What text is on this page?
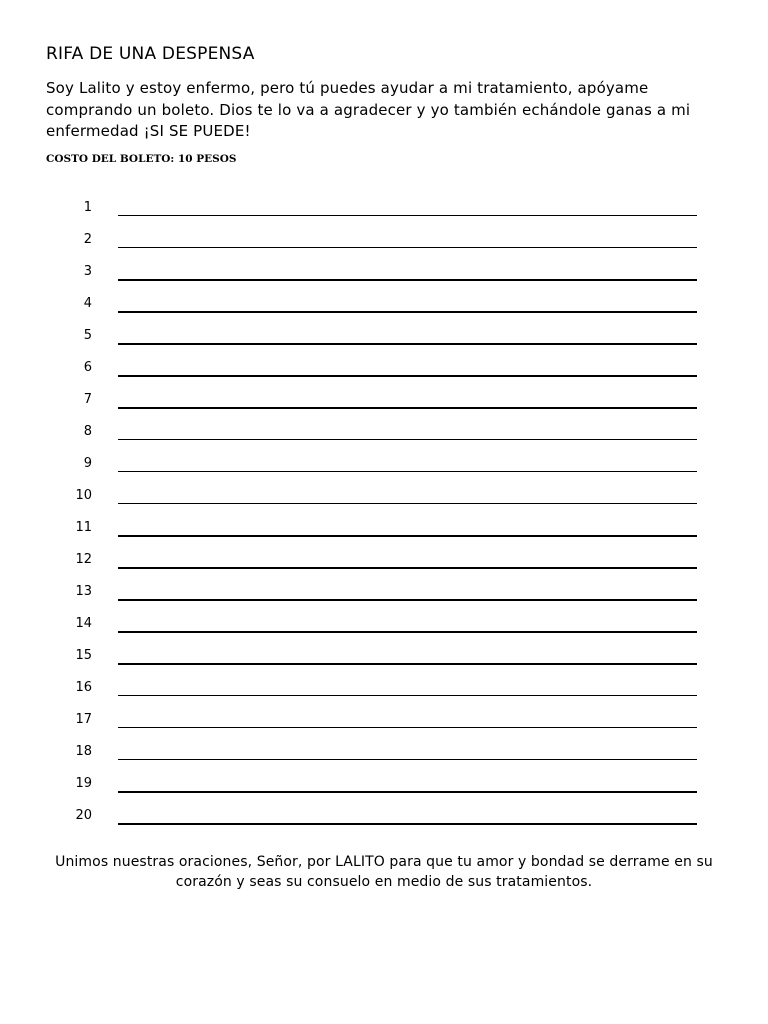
RIFA DE UNA DESPENSA

Soy Lalito y estoy enfermo, pero tú puedes ayudar a mi tratamiento, apóyame comprando un boleto. Dios te lo va a agradecer y yo también echándole ganas a mi enfermedad ¡SI SE PUEDE!

COSTO DEL BOLETO: 10 PESOS

1
2
3
4
5
6
7
8
9
10
11
12
13
14
15
16
17
18
19
20

Unimos nuestras oraciones, Señor, por LALITO para que tu amor y bondad se derrame en su corazón y seas su consuelo en medio de sus tratamientos.
